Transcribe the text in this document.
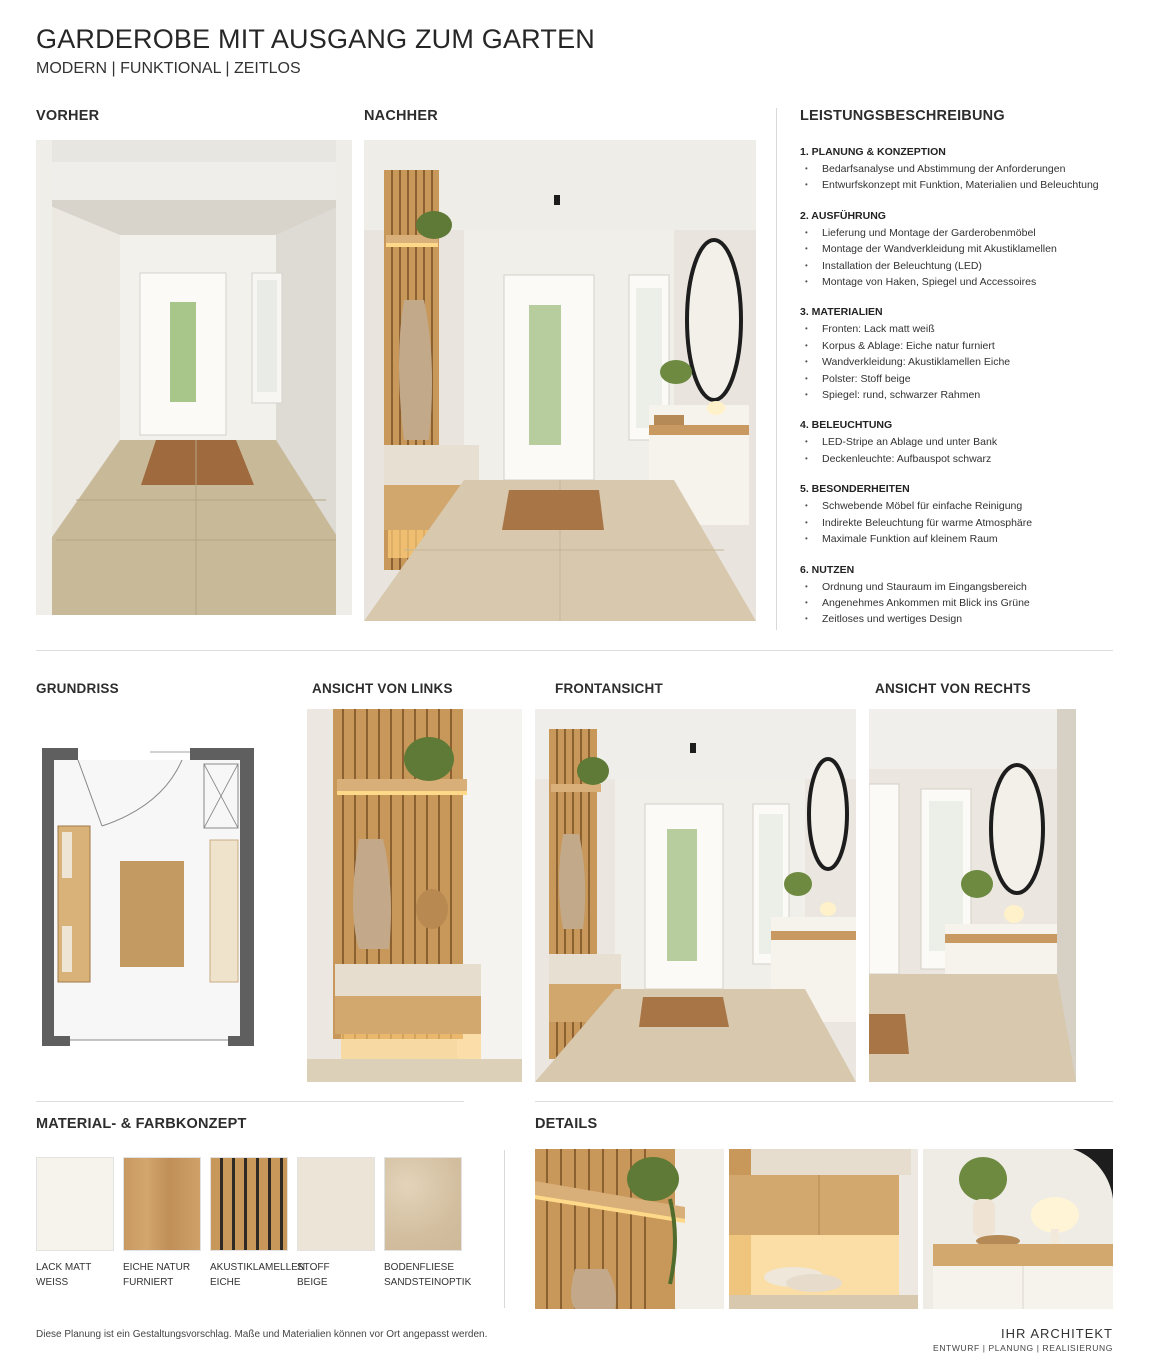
GARDEROBE MIT AUSGANG ZUM GARTEN
MODERN | FUNKTIONAL | ZEITLOS
VORHER	NACHHER	LEISTUNGSBESCHREIBUNG
1. PLANUNG & KONZEPTION
• Bedarfsanalyse und Abstimmung der Anforderungen
• Entwurfskonzept mit Funktion, Materialien und Beleuchtung
2. AUSFÜHRUNG
• Lieferung und Montage der Garderobenmöbel
• Montage der Wandverkleidung mit Akustiklamellen
• Installation der Beleuchtung (LED)
• Montage von Haken, Spiegel und Accessoires
3. MATERIALIEN
• Fronten: Lack matt weiß
• Korpus & Ablage: Eiche natur furniert
• Wandverkleidung: Akustiklamellen Eiche
• Polster: Stoff beige
• Spiegel: rund, schwarzer Rahmen
4. BELEUCHTUNG
• LED-Stripe an Ablage und unter Bank
• Deckenleuchte: Aufbauspot schwarz
5. BESONDERHEITEN
• Schwebende Möbel für einfache Reinigung
• Indirekte Beleuchtung für warme Atmosphäre
• Maximale Funktion auf kleinem Raum
6. NUTZEN
• Ordnung und Stauraum im Eingangsbereich
• Angenehmes Ankommen mit Blick ins Grüne
• Zeitloses und wertiges Design
GRUNDRISS	ANSICHT VON LINKS	FRONTANSICHT	ANSICHT VON RECHTS
MATERIAL- & FARBKONZEPT	DETAILS
LACK MATT
WEISS
EICHE NATUR
FURNIERT
AKUSTIKLAMELLEN
EICHE
STOFF
BEIGE
BODENFLIESE
SANDSTEINOPTIK
Diese Planung ist ein Gestaltungsvorschlag. Maße und Materialien können vor Ort angepasst werden.	IHR ARCHITEKT
ENTWURF | PLANUNG | REALISIERUNG
